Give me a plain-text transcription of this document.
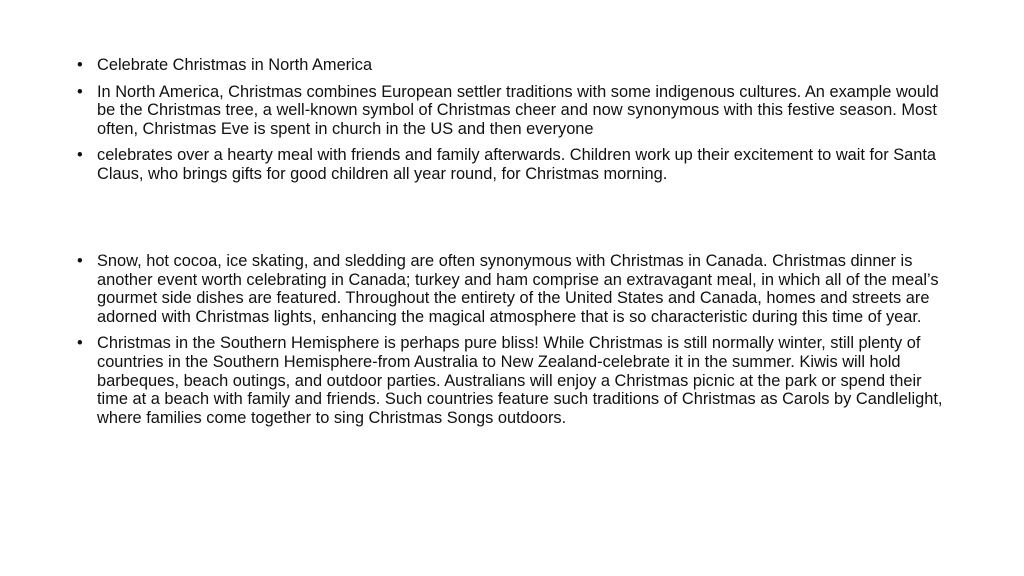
• Celebrate Christmas in North America
• In North America, Christmas combines European settler traditions with some indigenous cultures. An example would be the Christmas tree, a well-known symbol of Christmas cheer and now synonymous with this festive season. Most often, Christmas Eve is spent in church in the US and then everyone
• celebrates over a hearty meal with friends and family afterwards. Children work up their excitement to wait for Santa Claus, who brings gifts for good children all year round, for Christmas morning.
• Snow, hot cocoa, ice skating, and sledding are often synonymous with Christmas in Canada. Christmas dinner is another event worth celebrating in Canada; turkey and ham comprise an extravagant meal, in which all of the meal’s gourmet side dishes are featured. Throughout the entirety of the United States and Canada, homes and streets are adorned with Christmas lights, enhancing the magical atmosphere that is so characteristic during this time of year.
• Christmas in the Southern Hemisphere is perhaps pure bliss! While Christmas is still normally winter, still plenty of countries in the Southern Hemisphere-from Australia to New Zealand-celebrate it in the summer. Kiwis will hold barbeques, beach outings, and outdoor parties. Australians will enjoy a Christmas picnic at the park or spend their time at a beach with family and friends. Such countries feature such traditions of Christmas as Carols by Candlelight, where families come together to sing Christmas Songs outdoors.
